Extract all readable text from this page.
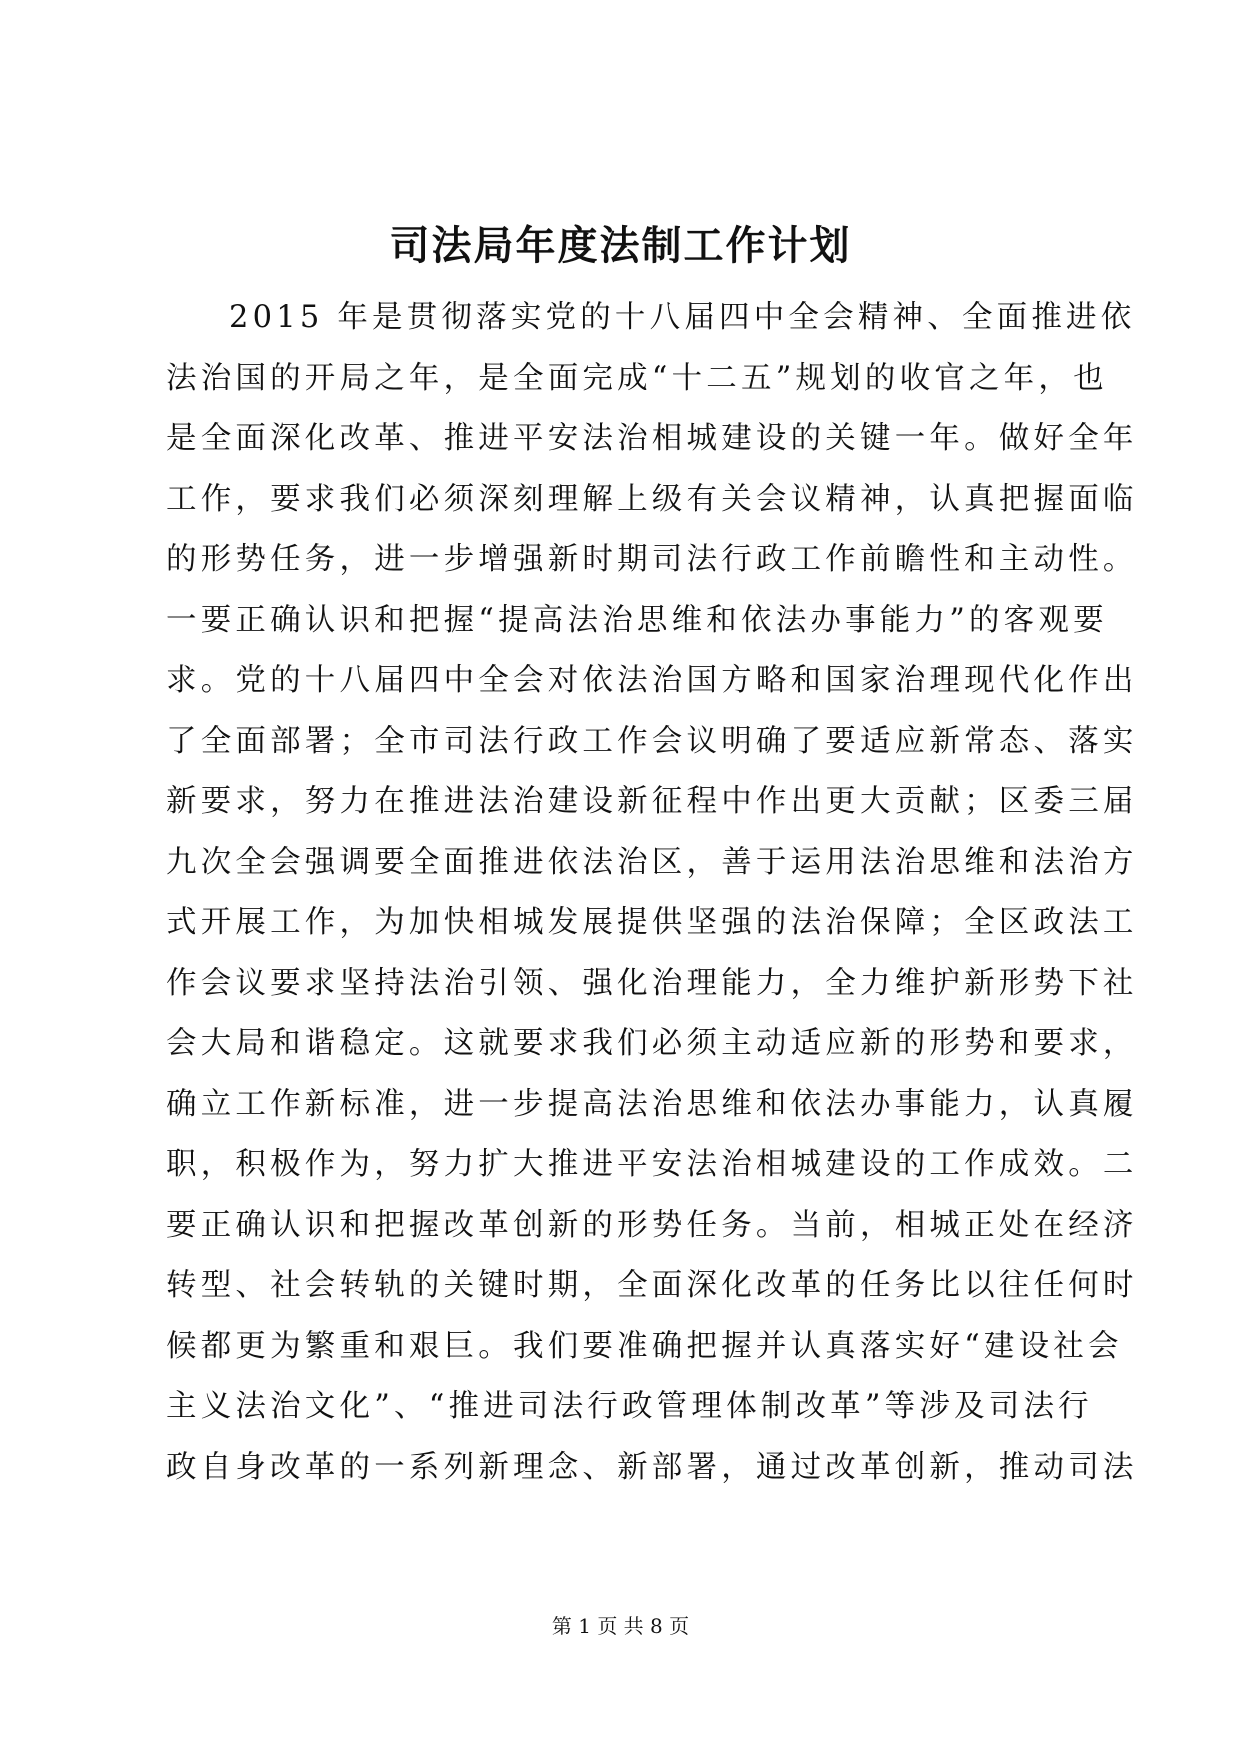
司法局年度法制工作计划
2015 年是贯彻落实党的十八届四中全会精神、全面推进依
法治国的开局之年，是全面完成“十二五”规划的收官之年，也
是全面深化改革、推进平安法治相城建设的关键一年。做好全年
工作，要求我们必须深刻理解上级有关会议精神，认真把握面临
的形势任务，进一步增强新时期司法行政工作前瞻性和主动性。
一要正确认识和把握“提高法治思维和依法办事能力”的客观要
求。党的十八届四中全会对依法治国方略和国家治理现代化作出
了全面部署；全市司法行政工作会议明确了要适应新常态、落实
新要求，努力在推进法治建设新征程中作出更大贡献；区委三届
九次全会强调要全面推进依法治区，善于运用法治思维和法治方
式开展工作，为加快相城发展提供坚强的法治保障；全区政法工
作会议要求坚持法治引领、强化治理能力，全力维护新形势下社
会大局和谐稳定。这就要求我们必须主动适应新的形势和要求，
确立工作新标准，进一步提高法治思维和依法办事能力，认真履
职，积极作为，努力扩大推进平安法治相城建设的工作成效。二
要正确认识和把握改革创新的形势任务。当前，相城正处在经济
转型、社会转轨的关键时期，全面深化改革的任务比以往任何时
候都更为繁重和艰巨。我们要准确把握并认真落实好“建设社会
主义法治文化”、“推进司法行政管理体制改革”等涉及司法行
政自身改革的一系列新理念、新部署，通过改革创新，推动司法
第 1 页 共 8 页
